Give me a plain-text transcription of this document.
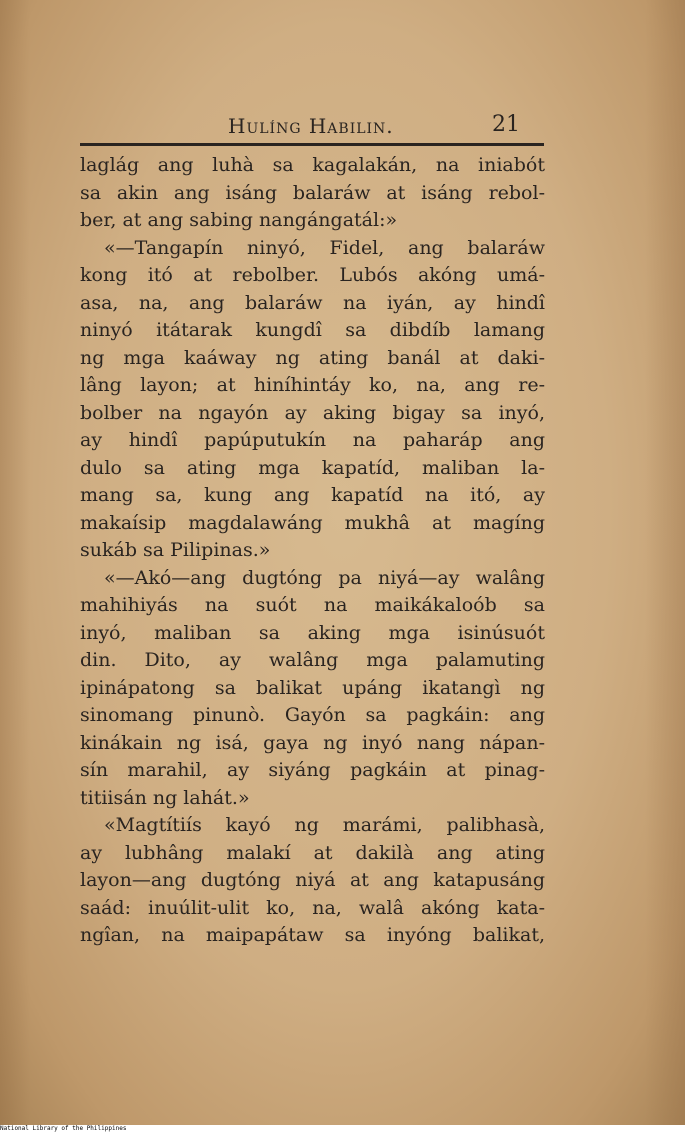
Hulíng Habilin.	21
laglág ang luhà sa kagalakán, na iniabót
sa akin ang isáng balaráw at isáng rebol-
ber, at ang sabing nangángatál:»
«—Tangapín ninyó, Fidel, ang balaráw
kong itó at rebolber. Lubós akóng umá-
asa, na, ang balaráw na iyán, ay hindî
ninyó itátarak kungdî sa dibdíb lamang
ng mga kaáway ng ating banál at daki-
lâng layon; at hiníhintáy ko, na, ang re-
bolber na ngayón ay aking bigay sa inyó,
ay hindî papúputukín na paharáp ang
dulo sa ating mga kapatíd, maliban la-
mang sa, kung ang kapatíd na itó, ay
makaísip magdalawáng mukhâ at magíng
sukáb sa Pilipinas.»
«—Akó—ang dugtóng pa niyá—ay walâng
mahihiyás na suót na maikákaloób sa
inyó, maliban sa aking mga isinúsuót
din. Dito, ay walâng mga palamuting
ipinápatong sa balikat upáng ikatangì ng
sinomang pinunò. Gayón sa pagkáin: ang
kinákain ng isá, gaya ng inyó nang nápan-
sín marahil, ay siyáng pagkáin at pinag-
titiisán ng lahát.»
«Magtítiís kayó ng marámi, palibhasà,
ay lubhâng malakí at dakilà ang ating
layon—ang dugtóng niyá at ang katapusáng
saád: inuúlit-ulit ko, na, walâ akóng kata-
ngîan, na maipapátaw sa inyóng balikat,
National Library of the Philippines
